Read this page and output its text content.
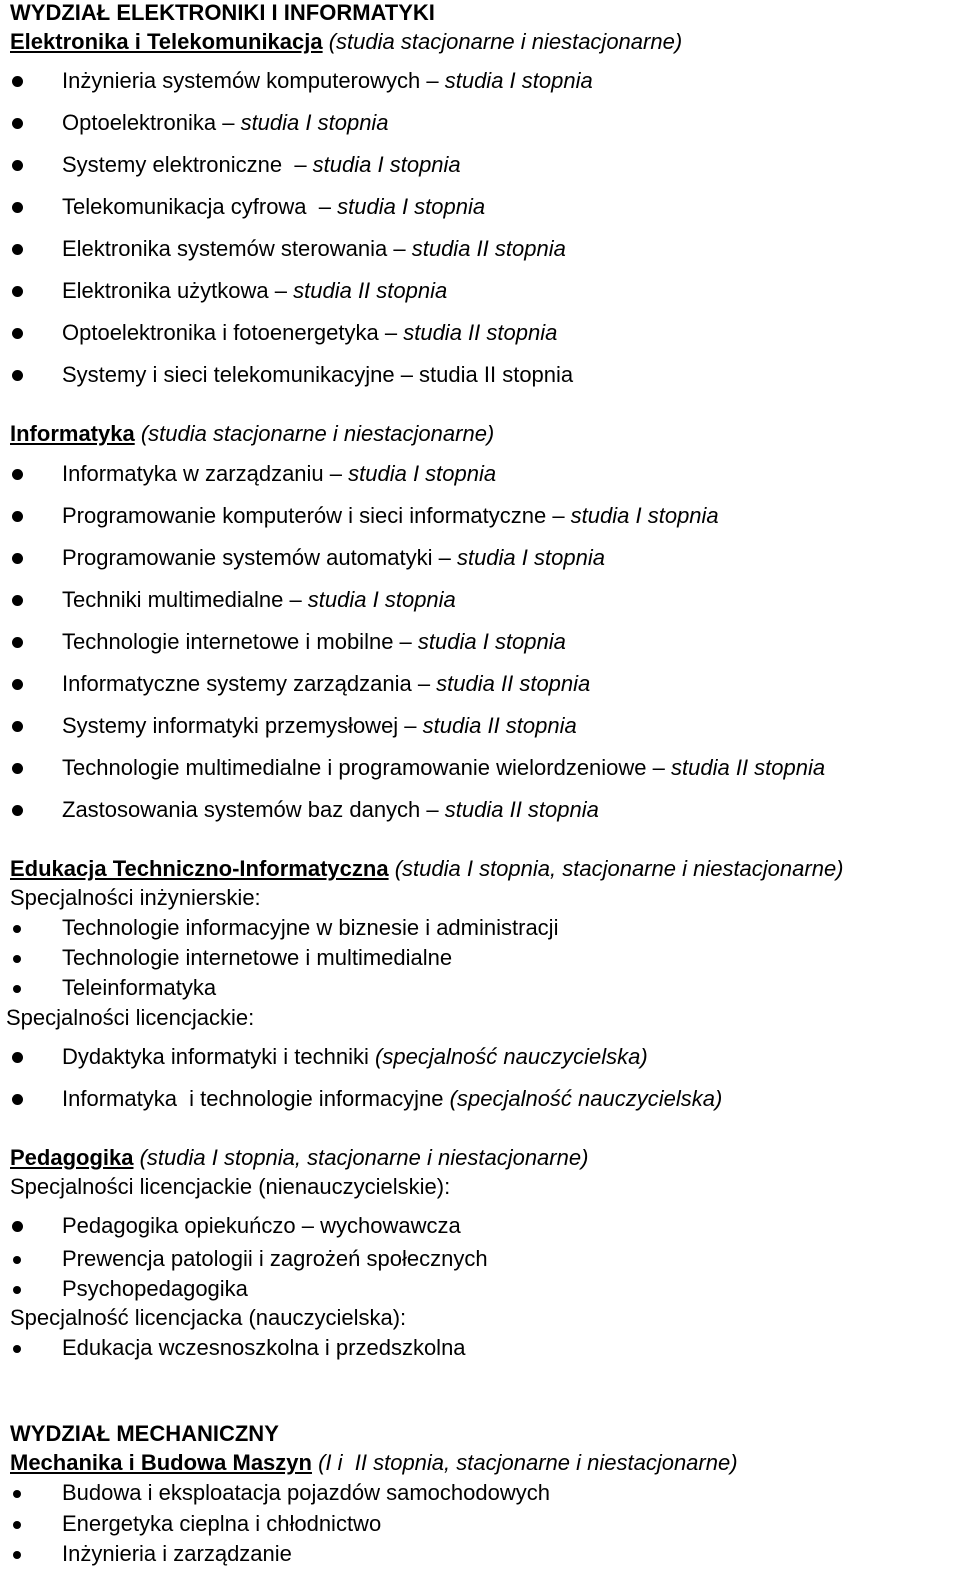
WYDZIAŁ ELEKTRONIKI I INFORMATYKI
Elektronika i Telekomunikacja (studia stacjonarne i niestacjonarne)
Inżynieria systemów komputerowych – studia I stopnia
Optoelektronika – studia I stopnia
Systemy elektroniczne  – studia I stopnia
Telekomunikacja cyfrowa  – studia I stopnia
Elektronika systemów sterowania – studia II stopnia
Elektronika użytkowa – studia II stopnia
Optoelektronika i fotoenergetyka – studia II stopnia
Systemy i sieci telekomunikacyjne – studia II stopnia
Informatyka (studia stacjonarne i niestacjonarne)
Informatyka w zarządzaniu – studia I stopnia
Programowanie komputerów i sieci informatyczne – studia I stopnia
Programowanie systemów automatyki – studia I stopnia
Techniki multimedialne – studia I stopnia
Technologie internetowe i mobilne – studia I stopnia
Informatyczne systemy zarządzania – studia II stopnia
Systemy informatyki przemysłowej – studia II stopnia
Technologie multimedialne i programowanie wielordzeniowe – studia II stopnia
Zastosowania systemów baz danych – studia II stopnia
Edukacja Techniczno-Informatyczna (studia I stopnia, stacjonarne i niestacjonarne)
Specjalności inżynierskie:
Technologie informacyjne w biznesie i administracji
Technologie internetowe i multimedialne
Teleinformatyka
Specjalności licencjackie:
Dydaktyka informatyki i techniki (specjalność nauczycielska)
Informatyka  i technologie informacyjne (specjalność nauczycielska)
Pedagogika (studia I stopnia, stacjonarne i niestacjonarne)
Specjalności licencjackie (nienauczycielskie):
Pedagogika opiekuńczo – wychowawcza
Prewencja patologii i zagrożeń społecznych
Psychopedagogika
Specjalność licencjacka (nauczycielska):
Edukacja wczesnoszkolna i przedszkolna
WYDZIAŁ MECHANICZNY
Mechanika i Budowa Maszyn (I i  II stopnia, stacjonarne i niestacjonarne)
Budowa i eksploatacja pojazdów samochodowych
Energetyka cieplna i chłodnictwo
Inżynieria i zarządzanie
